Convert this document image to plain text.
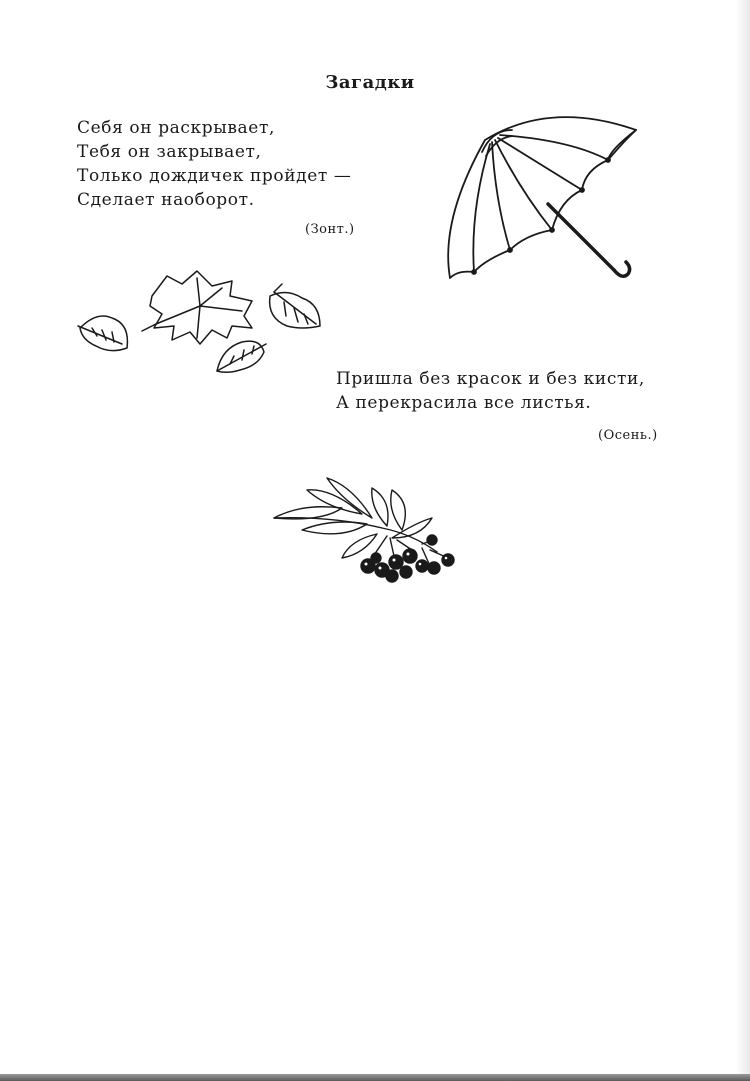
Загадки
Себя он раскрывает,
Тебя он закрывает,
Только дождичек пройдет —
Сделает наоборот.
(Зонт.)
Пришла без красок и без кисти,
А перекрасила все листья.
(Осень.)
